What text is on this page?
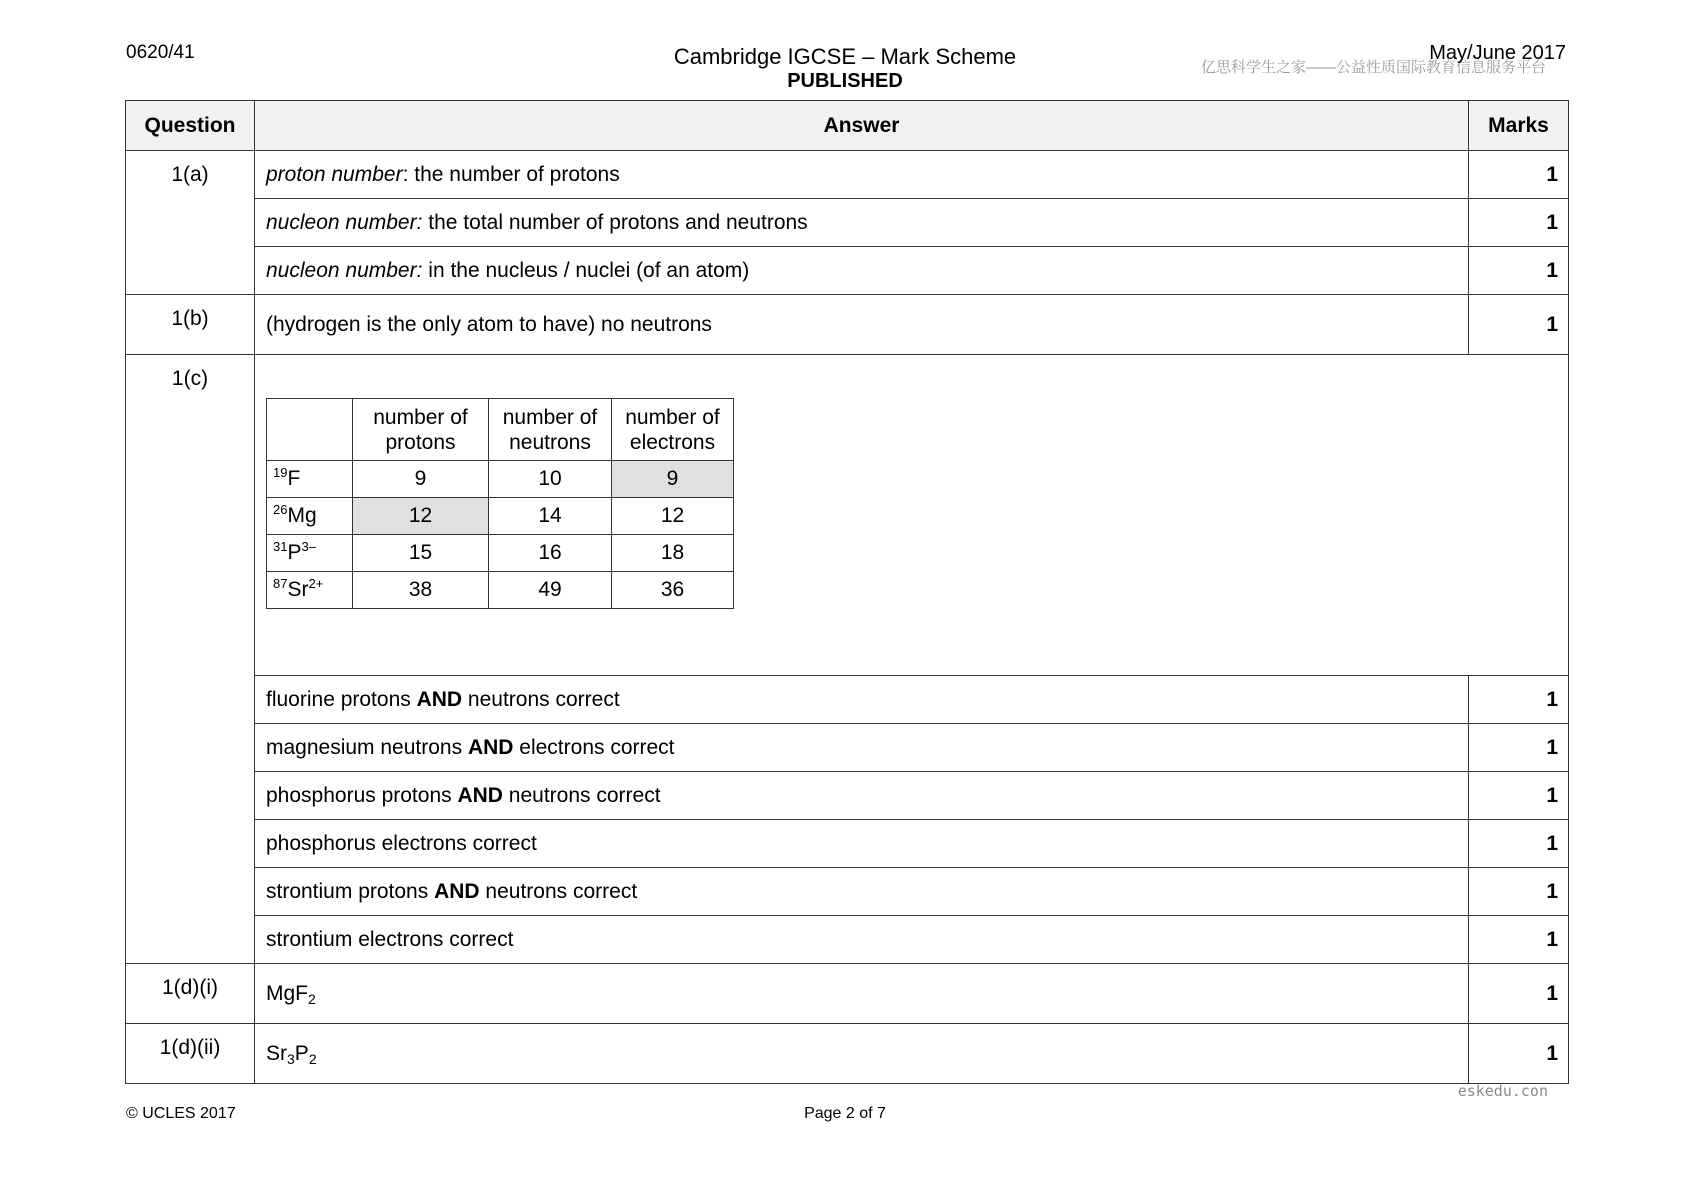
0620/41	Cambridge IGCSE – Mark Scheme
PUBLISHED
亿思科学生之家——公益性质国际教育信息服务平台
May/June 2017
Question	Answer	Marks
1(a)	proton number: the number of protons	1
nucleon number: the total number of protons and neutrons	1
nucleon number: in the nucleus / nuclei (of an atom)	1
1(b)	(hydrogen is the only atom to have) no neutrons	1
1(c)	
	number of protons	number of neutrons	number of electrons
$^{19}$F	9	10	9
$^{26}$Mg	12	14	12
$^{31}P^{3-}$	15	16	18
$^{87}Sr^{2+}$	38	49	36

fluorine protons AND neutrons correct	1
magnesium neutrons AND electrons correct	1
phosphorus protons AND neutrons correct	1
phosphorus electrons correct	1
strontium protons AND neutrons correct	1
strontium electrons correct	1
1(d)(i)	MgF$_2$	1
1(d)(ii)	$Sr_3P_2$	1
eskedu.con
© UCLES 2017	Page 2 of 7
